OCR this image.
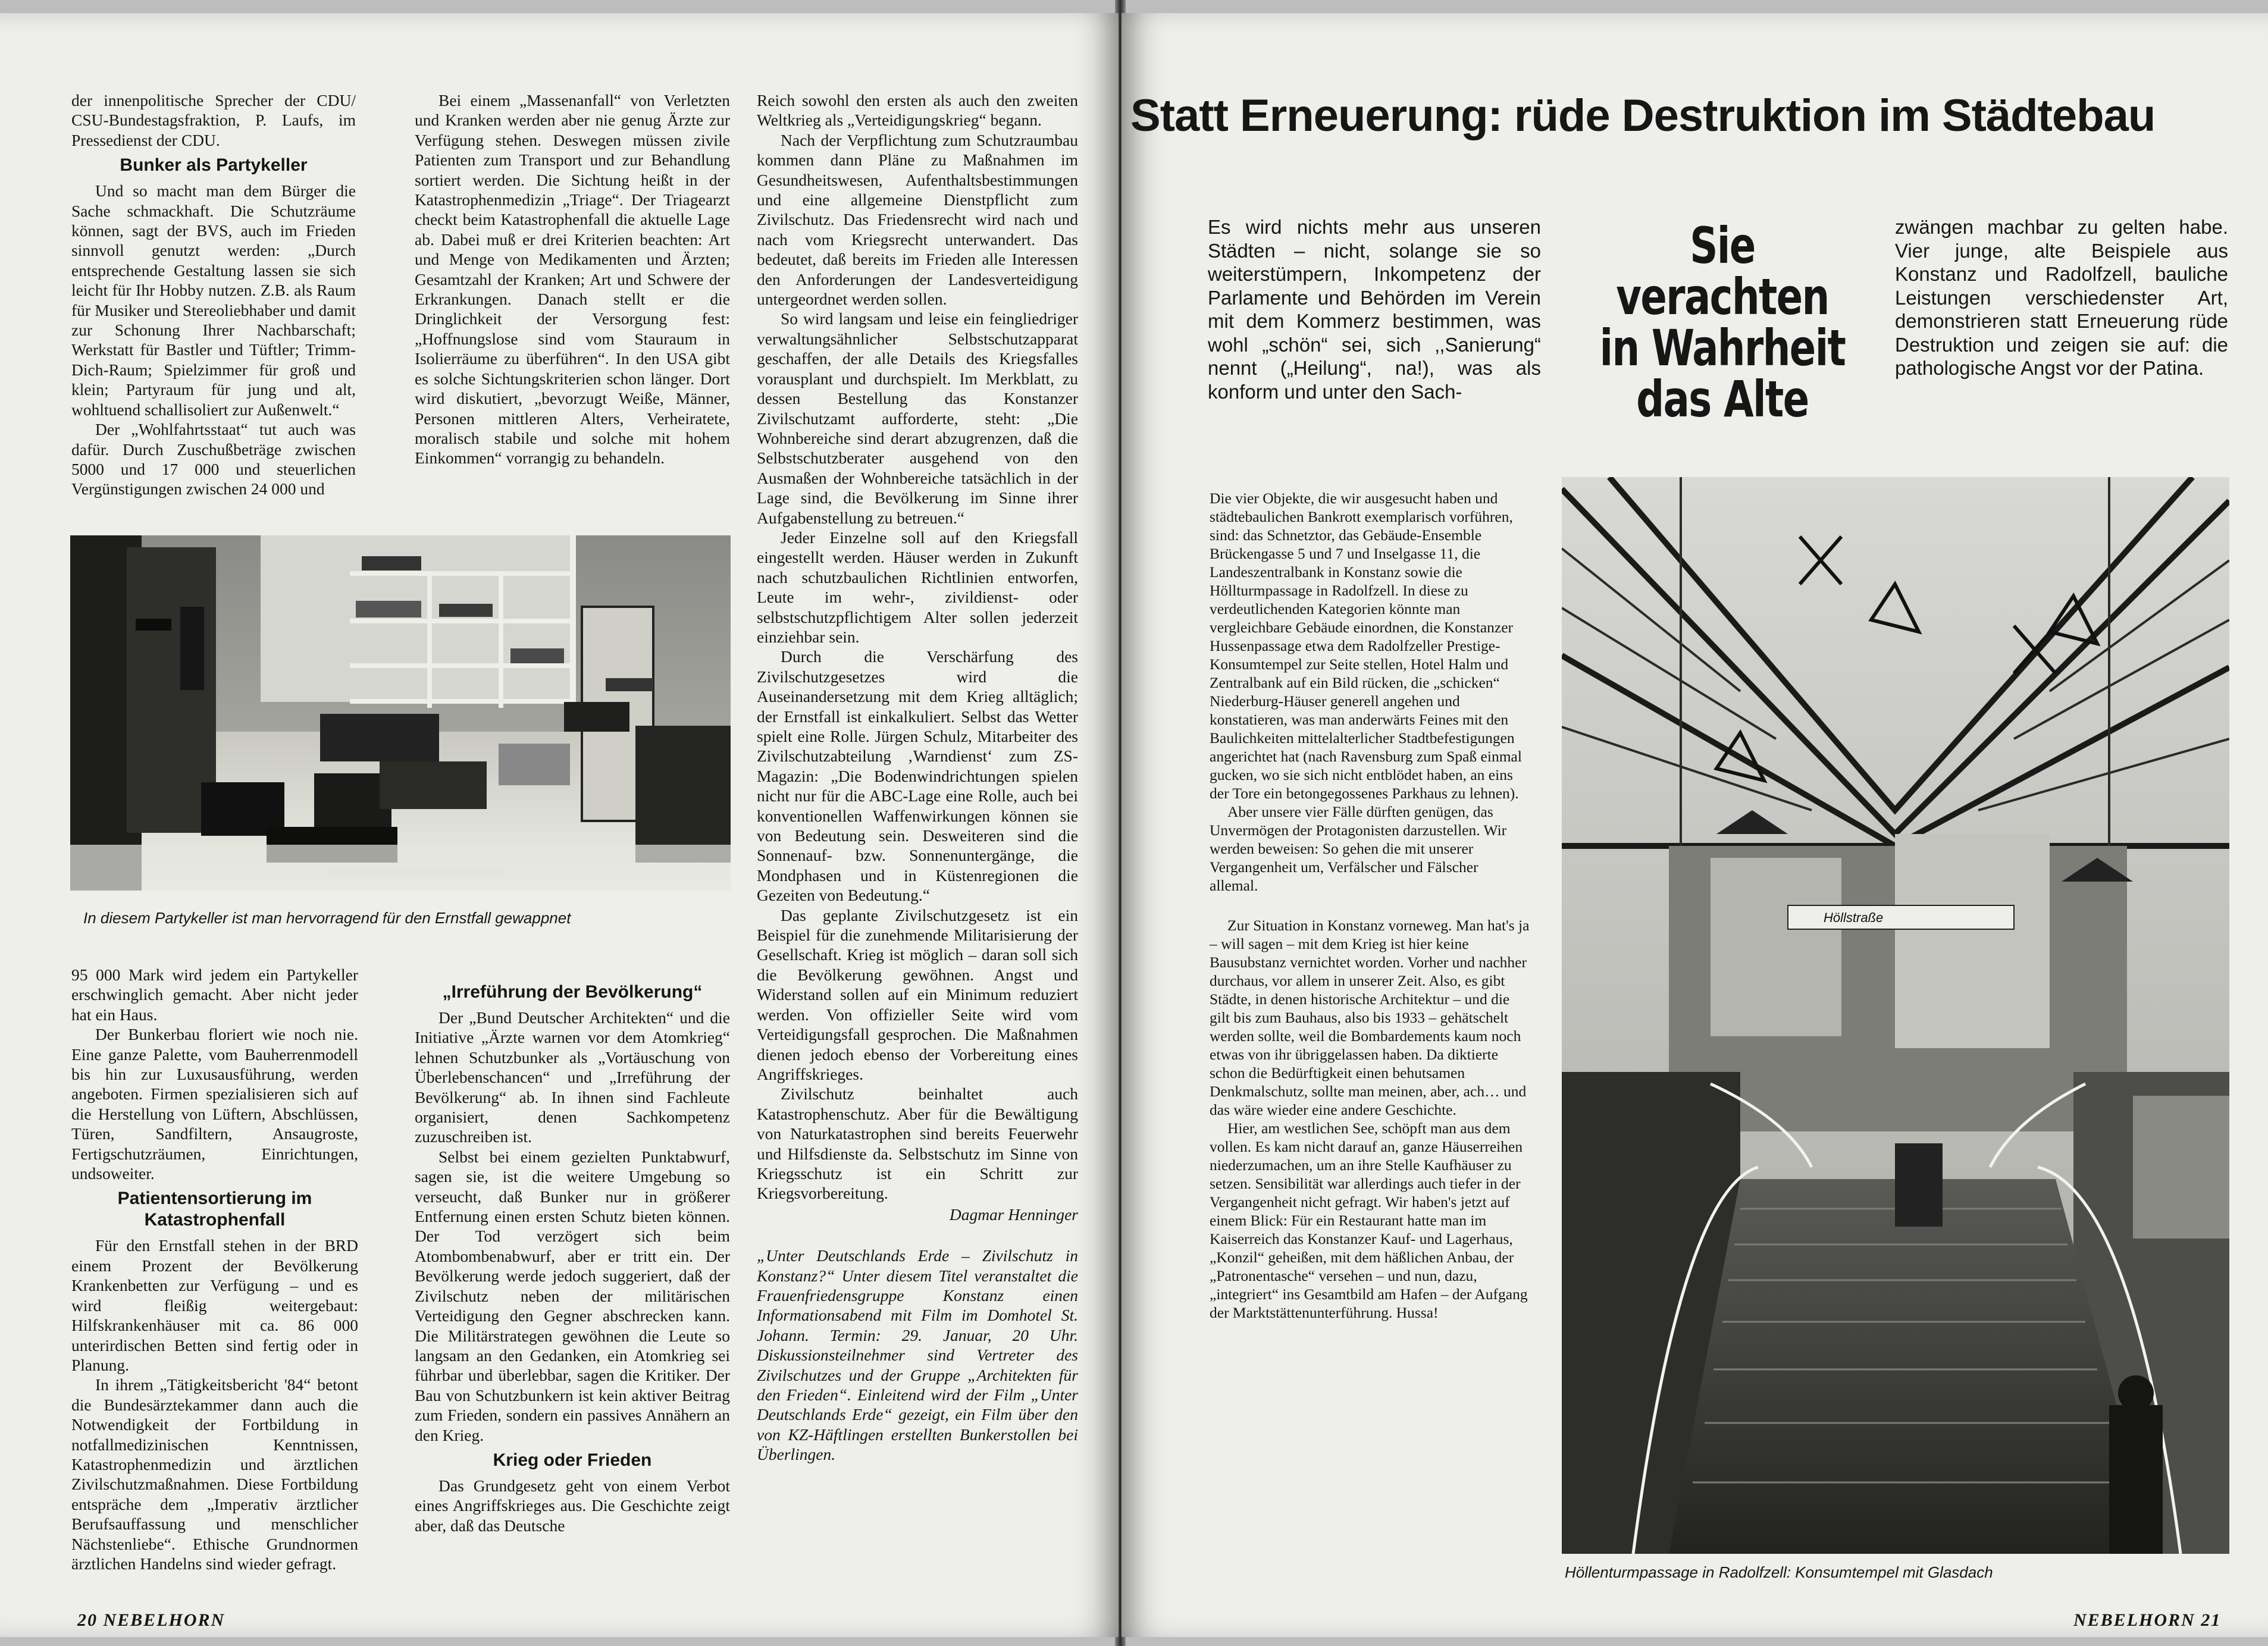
der innenpolitische Sprecher der CDU/ CSU-Bundestagsfraktion, P. Laufs, im Pressedienst der CDU.

Bunker als Partykeller

Und so macht man dem Bürger die Sache schmackhaft. Die Schutzräume können, sagt der BVS, auch im Frieden sinnvoll genutzt werden: „Durch entsprechende Gestaltung lassen sie sich leicht für Ihr Hobby nutzen. Z.B. als Raum für Musiker und Stereoliebhaber und damit zur Schonung Ihrer Nachbarschaft; Werkstatt für Bastler und Tüftler; Trimm-Dich-Raum; Spielzimmer für groß und klein; Partyraum für jung und alt, wohltuend schallisoliert zur Außenwelt.“

Der „Wohlfahrtsstaat“ tut auch was dafür. Durch Zuschußbeträge zwischen 5000 und 17 000 und steuerlichen Vergünstigungen zwischen 24 000 und

Bei einem „Massenanfall“ von Verletzten und Kranken werden aber nie genug Ärzte zur Verfügung stehen. Deswegen müssen zivile Patienten zum Transport und zur Behandlung sortiert werden. Die Sichtung heißt in der Katastrophenmedizin „Triage“. Der Triagearzt checkt beim Katastrophenfall die aktuelle Lage ab. Dabei muß er drei Kriterien beachten: Art und Menge von Medikamenten und Ärzten; Gesamtzahl der Kranken; Art und Schwere der Erkrankungen. Danach stellt er die Dringlichkeit der Versorgung fest: „Hoffnungslose sind vom Stauraum in Isolierräume zu überführen“. In den USA gibt es solche Sichtungskriterien schon länger. Dort wird diskutiert, „bevorzugt Weiße, Männer, Personen mittleren Alters, Verheiratete, moralisch stabile und solche mit hohem Einkommen“ vorrangig zu behandeln.

Reich sowohl den ersten als auch den zweiten Weltkrieg als „Verteidigungskrieg“ begann.

Nach der Verpflichtung zum Schutzraumbau kommen dann Pläne zu Maßnahmen im Gesundheitswesen, Aufenthaltsbestimmungen und eine allgemeine Dienstpflicht zum Zivilschutz. Das Friedensrecht wird nach und nach vom Kriegsrecht unterwandert. Das bedeutet, daß bereits im Frieden alle Interessen den Anforderungen der Landesverteidigung untergeordnet werden sollen.

So wird langsam und leise ein feingliedriger verwaltungsähnlicher Selbstschutzapparat geschaffen, der alle Details des Kriegsfalles vorausplant und durchspielt. Im Merkblatt, zu dessen Bestellung das Konstanzer Zivilschutzamt aufforderte, steht: „Die Wohnbereiche sind derart abzugrenzen, daß die Selbstschutzberater ausgehend von den Ausmaßen der Wohnbereiche tatsächlich in der Lage sind, die Bevölkerung im Sinne ihrer Aufgabenstellung zu betreuen.“

Jeder Einzelne soll auf den Kriegsfall eingestellt werden. Häuser werden in Zukunft nach schutzbaulichen Richtlinien entworfen, Leute im wehr-, zivildienst- oder selbstschutzpflichtigem Alter sollen jederzeit einziehbar sein.

Durch die Verschärfung des Zivilschutzgesetzes wird die Auseinandersetzung mit dem Krieg alltäglich; der Ernstfall ist einkalkuliert. Selbst das Wetter spielt eine Rolle. Jürgen Schulz, Mitarbeiter des Zivilschutzabteilung ‚Warndienst‘ zum ZS-Magazin: „Die Bodenwindrichtungen spielen nicht nur für die ABC-Lage eine Rolle, auch bei konventionellen Waffenwirkungen können sie von Bedeutung sein. Desweiteren sind die Sonnenauf- bzw. Sonnenuntergänge, die Mondphasen und in Küstenregionen die Gezeiten von Bedeutung.“

Das geplante Zivilschutzgesetz ist ein Beispiel für die zunehmende Militarisierung der Gesellschaft. Krieg ist möglich – daran soll sich die Bevölkerung gewöhnen. Angst und Widerstand sollen auf ein Minimum reduziert werden. Von offizieller Seite wird vom Verteidigungsfall gesprochen. Die Maßnahmen dienen jedoch ebenso der Vorbereitung eines Angriffskrieges.

Zivilschutz beinhaltet auch Katastrophenschutz. Aber für die Bewältigung von Naturkatastrophen sind bereits Feuerwehr und Hilfsdienste da. Selbstschutz im Sinne von Kriegsschutz ist ein Schritt zur Kriegsvorbereitung.

Dagmar Henninger

„Unter Deutschlands Erde – Zivilschutz in Konstanz?“ Unter diesem Titel veranstaltet die Frauenfriedensgruppe Konstanz einen Informationsabend mit Film im Domhotel St. Johann. Termin: 29. Januar, 20 Uhr. Diskussionsteilnehmer sind Vertreter des Zivilschutzes und der Gruppe „Architekten für den Frieden“. Einleitend wird der Film „Unter Deutschlands Erde“ gezeigt, ein Film über den von KZ-Häftlingen erstellten Bunkerstollen bei Überlingen.

In diesem Partykeller ist man hervorragend für den Ernstfall gewappnet

95 000 Mark wird jedem ein Partykeller erschwinglich gemacht. Aber nicht jeder hat ein Haus.

Der Bunkerbau floriert wie noch nie. Eine ganze Palette, vom Bauherrenmodell bis hin zur Luxusausführung, werden angeboten. Firmen spezialisieren sich auf die Herstellung von Lüftern, Abschlüssen, Türen, Sandfiltern, Ansaugroste, Fertigschutzräumen, Einrichtungen, undsoweiter.

Patientensortierung im Katastrophenfall

Für den Ernstfall stehen in der BRD einem Prozent der Bevölkerung Krankenbetten zur Verfügung – und es wird fleißig weitergebaut: Hilfskrankenhäuser mit ca. 86 000 unterirdischen Betten sind fertig oder in Planung.

In ihrem „Tätigkeitsbericht '84“ betont die Bundesärztekammer dann auch die Notwendigkeit der Fortbildung in notfallmedizinischen Kenntnissen, Katastrophenmedizin und ärztlichen Zivilschutzmaßnahmen. Diese Fortbildung entspräche dem „Imperativ ärztlicher Berufsauffassung und menschlicher Nächstenliebe“. Ethische Grundnormen ärztlichen Handelns sind wieder gefragt.

„Irreführung der Bevölkerung“

Der „Bund Deutscher Architekten“ und die Initiative „Ärzte warnen vor dem Atomkrieg“ lehnen Schutzbunker als „Vortäuschung von Überlebenschancen“ und „Irreführung der Bevölkerung“ ab. In ihnen sind Fachleute organisiert, denen Sachkompetenz zuzuschreiben ist.

Selbst bei einem gezielten Punktabwurf, sagen sie, ist die weitere Umgebung so verseucht, daß Bunker nur in größerer Entfernung einen ersten Schutz bieten können. Der Tod verzögert sich beim Atombombenabwurf, aber er tritt ein. Der Bevölkerung werde jedoch suggeriert, daß der Zivilschutz neben der militärischen Verteidigung den Gegner abschrecken kann. Die Militärstrategen gewöhnen die Leute so langsam an den Gedanken, ein Atomkrieg sei führbar und überlebbar, sagen die Kritiker. Der Bau von Schutzbunkern ist kein aktiver Beitrag zum Frieden, sondern ein passives Annähern an den Krieg.

Krieg oder Frieden

Das Grundgesetz geht von einem Verbot eines Angriffskrieges aus. Die Geschichte zeigt aber, daß das Deutsche

20 NEBELHORN
Statt Erneuerung: rüde Destruktion im Städtebau
Es wird nichts mehr aus unseren Städten – nicht, solange sie so weiterstümpern, Inkompetenz der Parlamente und Behörden im Verein mit dem Kommerz bestimmen, was wohl „schön“ sei, sich ‚,Sanierung“ nennt („Heilung“, na!), was als konform und unter den Sach-
Sie verachten
in Wahrheit
das Alte
zwängen machbar zu gelten habe. Vier junge, alte Beispiele aus Konstanz und Radolfzell, bauliche Leistungen verschiedenster Art, demonstrieren statt Erneuerung rüde Destruktion und zeigen sie auf: die pathologische Angst vor der Patina.

Die vier Objekte, die wir ausgesucht haben und städtebaulichen Bankrott exemplarisch vorführen, sind: das Schnetztor, das Gebäude-Ensemble Brückengasse 5 und 7 und Inselgasse 11, die Landeszentralbank in Konstanz sowie die Höllturmpassage in Radolfzell. In diese zu verdeutlichenden Kategorien könnte man vergleichbare Gebäude einordnen, die Konstanzer Hussenpassage etwa dem Radolfzeller Prestige-Konsumtempel zur Seite stellen, Hotel Halm und Zentralbank auf ein Bild rücken, die „schicken“ Niederburg-Häuser generell angehen und konstatieren, was man anderwärts Feines mit den Baulichkeiten mittelalterlicher Stadtbefestigungen angerichtet hat (nach Ravensburg zum Spaß einmal gucken, wo sie sich nicht entblödet haben, an eins der Tore ein betongegossenes Parkhaus zu lehnen).

Aber unsere vier Fälle dürften genügen, das Unvermögen der Protagonisten darzustellen. Wir werden beweisen: So gehen die mit unserer Vergangenheit um, Verfälscher und Fälscher allemal.

Zur Situation in Konstanz vorneweg. Man hat's ja – will sagen – mit dem Krieg ist hier keine Bausubstanz vernichtet worden. Vorher und nachher durchaus, vor allem in unserer Zeit. Also, es gibt Städte, in denen historische Architektur – und die gilt bis zum Bauhaus, also bis 1933 – gehätschelt werden sollte, weil die Bombardements kaum noch etwas von ihr übriggelassen haben. Da diktierte schon die Bedürftigkeit einen behutsamen Denkmalschutz, sollte man meinen, aber, ach… und das wäre wieder eine andere Geschichte.

Hier, am westlichen See, schöpft man aus dem vollen. Es kam nicht darauf an, ganze Häuserreihen niederzumachen, um an ihre Stelle Kaufhäuser zu setzen. Sensibilität war allerdings auch tiefer in der Vergangenheit nicht gefragt. Wir haben's jetzt auf einem Blick: Für ein Restaurant hatte man im Kaiserreich das Konstanzer Kauf- und Lagerhaus, „Konzil“ geheißen, mit dem häßlichen Anbau, der „Patronentasche“ versehen – und nun, dazu, „integriert“ ins Gesamtbild am Hafen – der Aufgang der Marktstättenunterführung. Hussa!

Höllstraße
Höllenturmpassage in Radolfzell: Konsumtempel mit Glasdach
NEBELHORN 21
